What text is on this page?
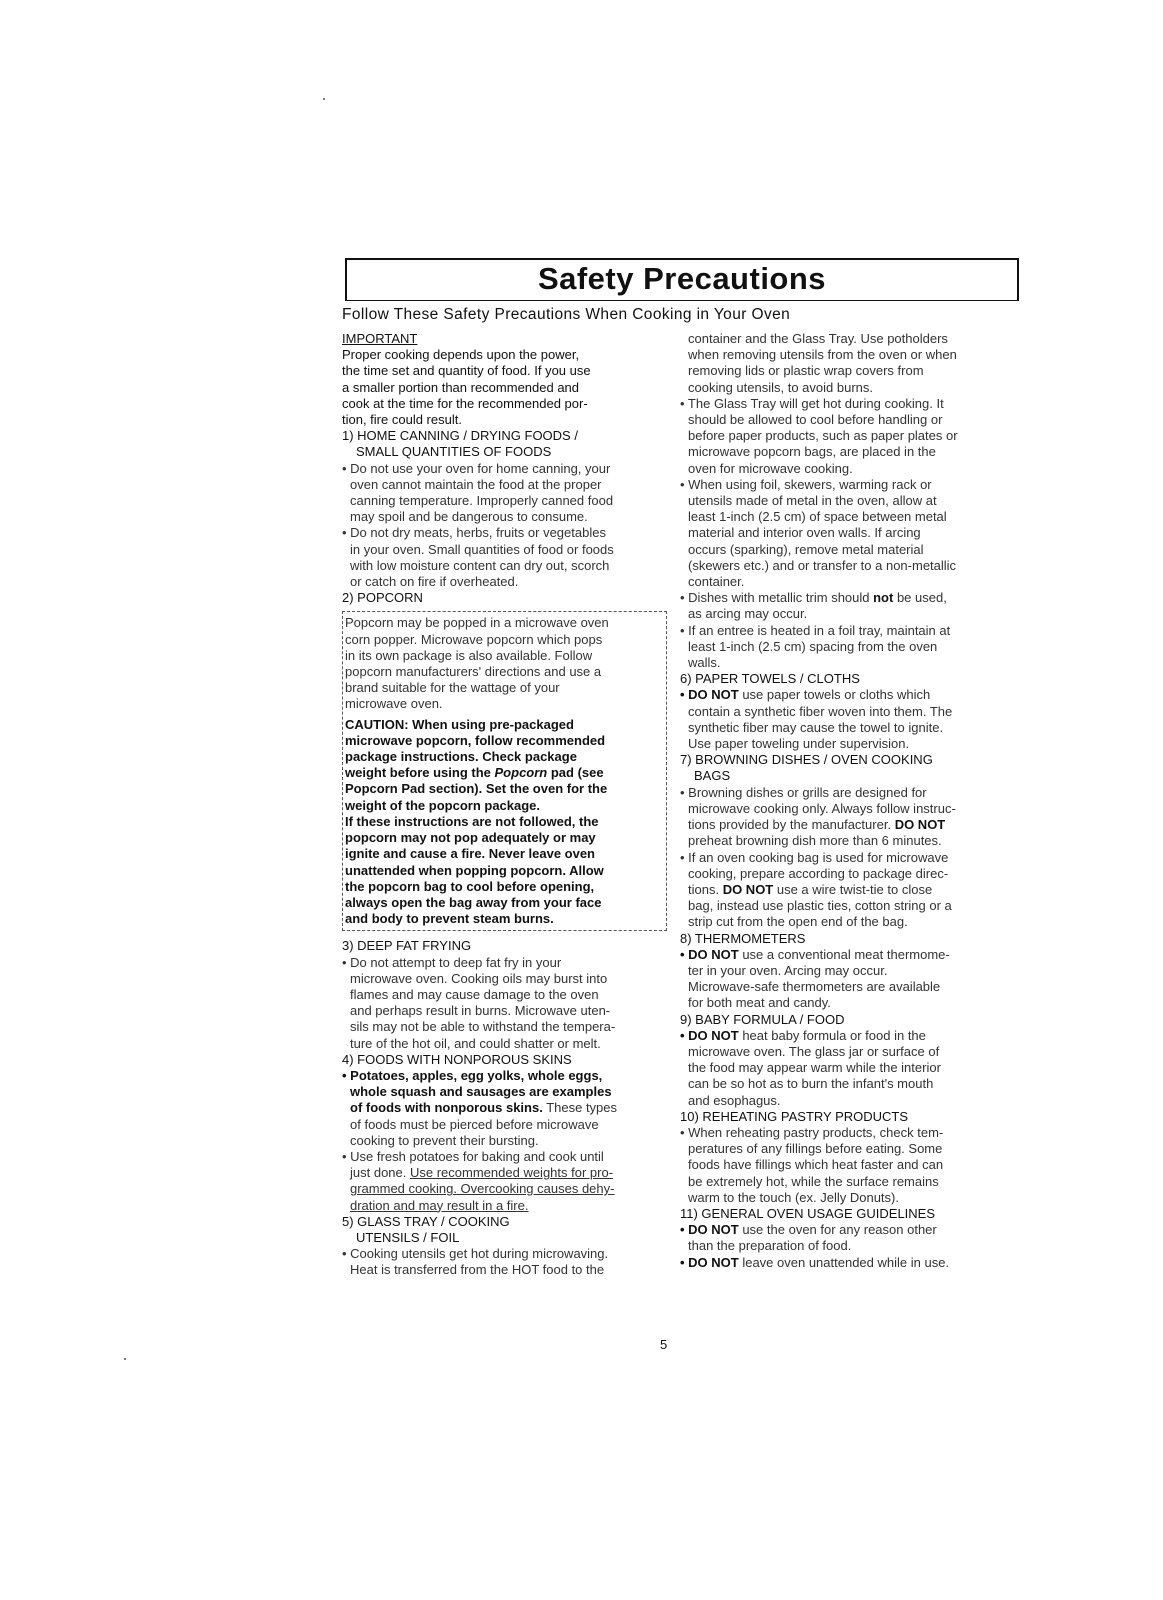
Safety Precautions
Follow These Safety Precautions When Cooking in Your Oven

IMPORTANT

Proper cooking depends upon the power,

the time set and quantity of food. If you use

a smaller portion than recommended and

cook at the time for the recommended por-

tion, fire could result.

1) HOME CANNING / DRYING FOODS /

SMALL QUANTITIES OF FOODS

• Do not use your oven for home canning, your

oven cannot maintain the food at the proper

canning temperature. Improperly canned food

may spoil and be dangerous to consume.

• Do not dry meats, herbs, fruits or vegetables

in your oven. Small quantities of food or foods

with low moisture content can dry out, scorch

or catch on fire if overheated.

2) POPCORN

Popcorn may be popped in a microwave oven

corn popper. Microwave popcorn which pops

in its own package is also available. Follow

popcorn manufacturers' directions and use a

brand suitable for the wattage of your

microwave oven.

CAUTION: When using pre-packaged

microwave popcorn, follow recommended

package instructions. Check package

weight before using the Popcorn pad (see

Popcorn Pad section). Set the oven for the

weight of the popcorn package.

If these instructions are not followed, the

popcorn may not pop adequately or may

ignite and cause a fire. Never leave oven

unattended when popping popcorn. Allow

the popcorn bag to cool before opening,

always open the bag away from your face

and body to prevent steam burns.

3) DEEP FAT FRYING

• Do not attempt to deep fat fry in your

microwave oven. Cooking oils may burst into

flames and may cause damage to the oven

and perhaps result in burns. Microwave uten-

sils may not be able to withstand the tempera-

ture of the hot oil, and could shatter or melt.

4) FOODS WITH NONPOROUS SKINS

• Potatoes, apples, egg yolks, whole eggs,

whole squash and sausages are examples

of foods with nonporous skins. These types

of foods must be pierced before microwave

cooking to prevent their bursting.

• Use fresh potatoes for baking and cook until

just done. Use recommended weights for pro-

grammed cooking. Overcooking causes dehy-

dration and may result in a fire.

5) GLASS TRAY / COOKING

UTENSILS / FOIL

• Cooking utensils get hot during microwaving.

Heat is transferred from the HOT food to the

container and the Glass Tray. Use potholders

when removing utensils from the oven or when

removing lids or plastic wrap covers from

cooking utensils, to avoid burns.

• The Glass Tray will get hot during cooking. It

should be allowed to cool before handling or

before paper products, such as paper plates or

microwave popcorn bags, are placed in the

oven for microwave cooking.

• When using foil, skewers, warming rack or

utensils made of metal in the oven, allow at

least 1-inch (2.5 cm) of space between metal

material and interior oven walls. If arcing

occurs (sparking), remove metal material

(skewers etc.) and or transfer to a non-metallic

container.

• Dishes with metallic trim should not be used,

as arcing may occur.

• If an entree is heated in a foil tray, maintain at

least 1-inch (2.5 cm) spacing from the oven

walls.

6) PAPER TOWELS / CLOTHS

• DO NOT use paper towels or cloths which

contain a synthetic fiber woven into them. The

synthetic fiber may cause the towel to ignite.

Use paper toweling under supervision.

7) BROWNING DISHES / OVEN COOKING

BAGS

• Browning dishes or grills are designed for

microwave cooking only. Always follow instruc-

tions provided by the manufacturer. DO NOT

preheat browning dish more than 6 minutes.

• If an oven cooking bag is used for microwave

cooking, prepare according to package direc-

tions. DO NOT use a wire twist-tie to close

bag, instead use plastic ties, cotton string or a

strip cut from the open end of the bag.

8) THERMOMETERS

• DO NOT use a conventional meat thermome-

ter in your oven. Arcing may occur.

Microwave-safe thermometers are available

for both meat and candy.

9) BABY FORMULA / FOOD

• DO NOT heat baby formula or food in the

microwave oven. The glass jar or surface of

the food may appear warm while the interior

can be so hot as to burn the infant's mouth

and esophagus.

10) REHEATING PASTRY PRODUCTS

• When reheating pastry products, check tem-

peratures of any fillings before eating. Some

foods have fillings which heat faster and can

be extremely hot, while the surface remains

warm to the touch (ex. Jelly Donuts).

11) GENERAL OVEN USAGE GUIDELINES

• DO NOT use the oven for any reason other

than the preparation of food.

• DO NOT leave oven unattended while in use.

5
